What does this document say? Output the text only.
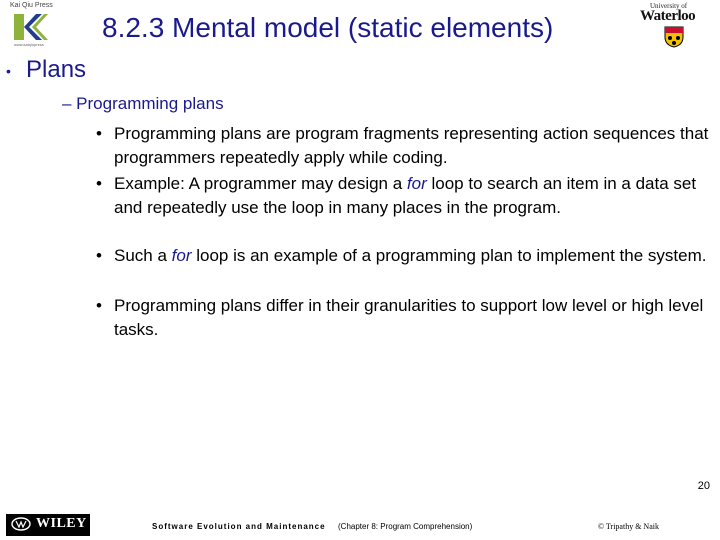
Kai Qiu Press
www.kaiqiupress
8.2.3 Mental model (static elements)
University of
Waterloo
• Plans
– Programming plans
• Programming plans are program fragments representing action sequences that programmers repeatedly apply while coding.
• Example: A programmer may design a for loop to search an item in a data set and repeatedly use the loop in many places in the program.
• Such a for loop is an example of a programming plan to implement the system.
• Programming plans differ in their granularities to support low level or high level tasks.
20
WILEY	Software Evolution and Maintenance (Chapter 8: Program Comprehension)	© Tripathy & Naik
